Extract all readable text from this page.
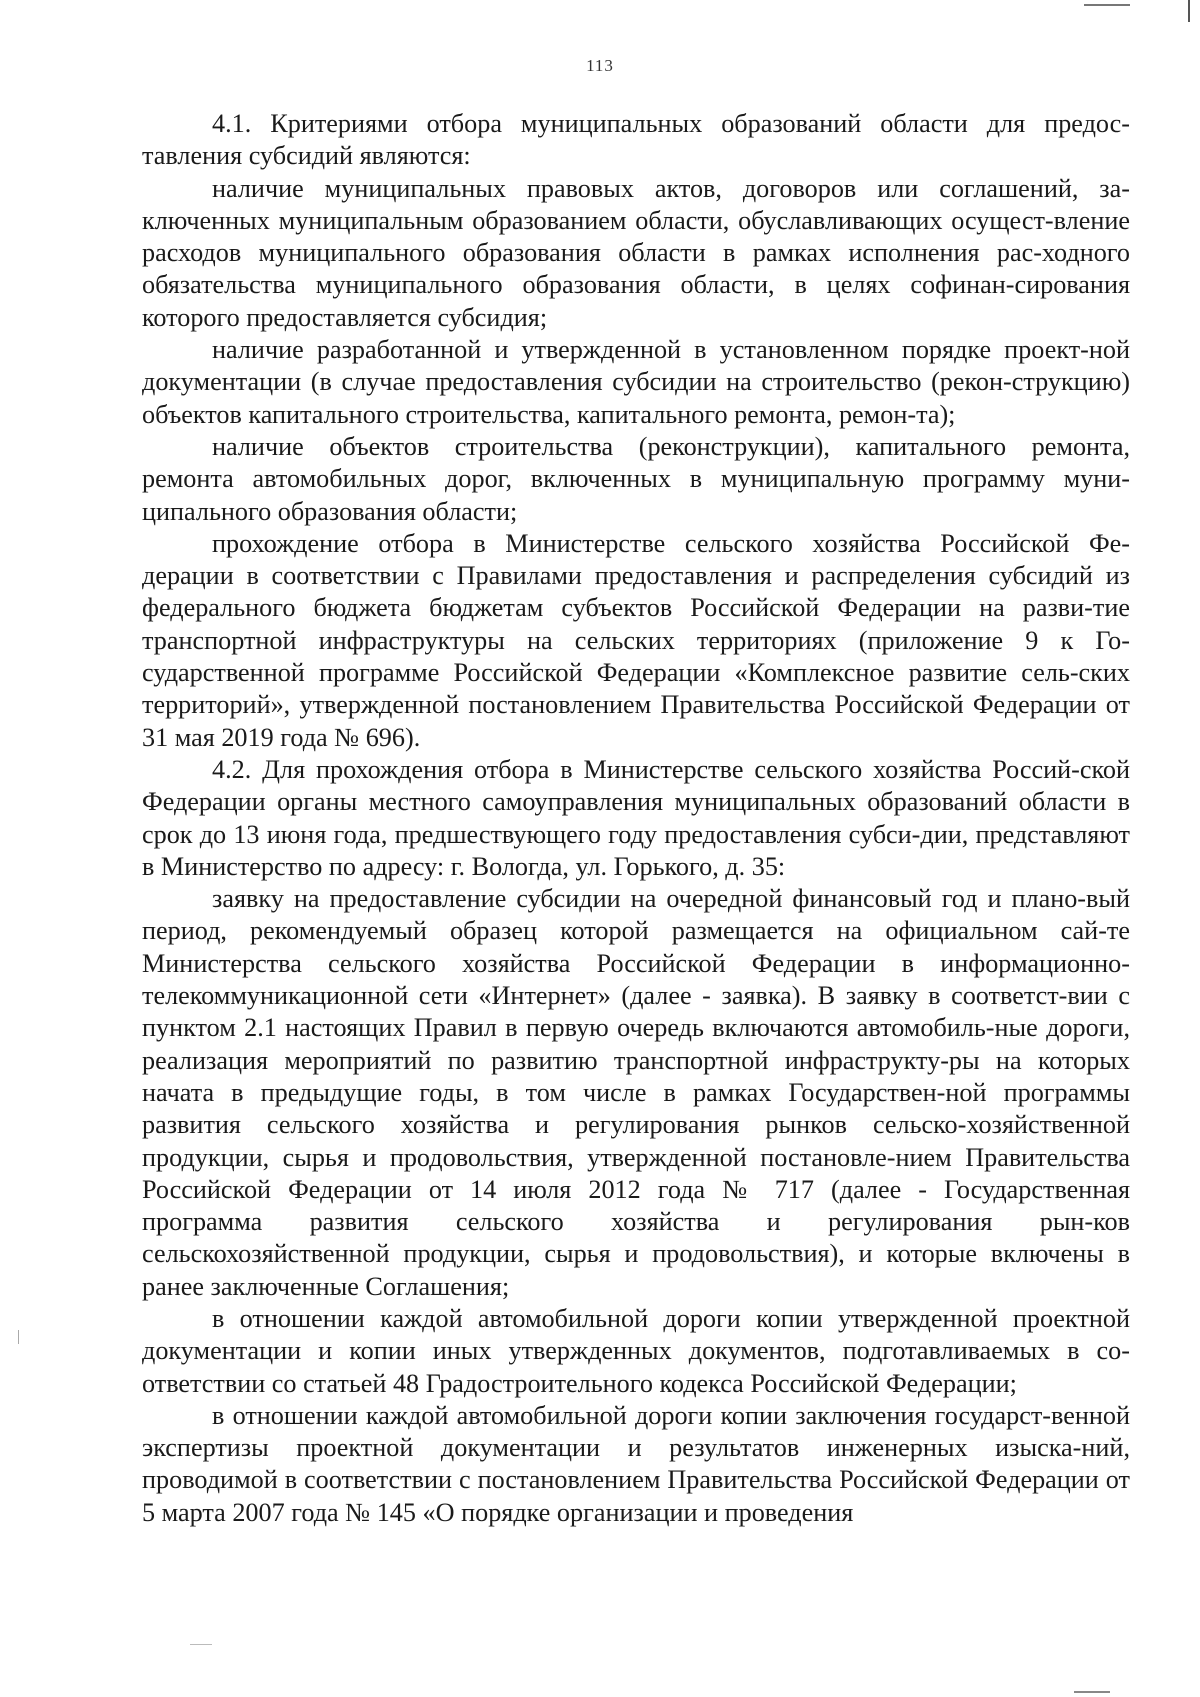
113

4.1. Критериями отбора муниципальных образований области для предос-тавления субсидий являются:

наличие муниципальных правовых актов, договоров или соглашений, за-ключенных муниципальным образованием области, обуславливающих осущест-вление расходов муниципального образования области в рамках исполнения рас-ходного обязательства муниципального образования области, в целях софинан-сирования которого предоставляется субсидия;

наличие разработанной и утвержденной в установленном порядке проект-ной документации (в случае предоставления субсидии на строительство (рекон-струкцию) объектов капитального строительства, капитального ремонта, ремон-та);

наличие объектов строительства (реконструкции), капитального ремонта, ремонта автомобильных дорог, включенных в муниципальную программу муни-ципального образования области;

прохождение отбора в Министерстве сельского хозяйства Российской Фе-дерации в соответствии с Правилами предоставления и распределения субсидий из федерального бюджета бюджетам субъектов Российской Федерации на разви-тие транспортной инфраструктуры на сельских территориях (приложение 9 к Го-сударственной программе Российской Федерации «Комплексное развитие сель-ских территорий», утвержденной постановлением Правительства Российской Федерации от 31 мая 2019 года № 696).

4.2. Для прохождения отбора в Министерстве сельского хозяйства Россий-ской Федерации органы местного самоуправления муниципальных образований области в срок до 13 июня года, предшествующего году предоставления субси-дии, представляют в Министерство по адресу: г. Вологда, ул. Горького, д. 35:

заявку на предоставление субсидии на очередной финансовый год и плано-вый период, рекомендуемый образец которой размещается на официальном сай-те Министерства сельского хозяйства Российской Федерации в информационно-телекоммуникационной сети «Интернет» (далее - заявка). В заявку в соответст-вии с пунктом 2.1 настоящих Правил в первую очередь включаются автомобиль-ные дороги, реализация мероприятий по развитию транспортной инфраструкту-ры на которых начата в предыдущие годы, в том числе в рамках Государствен-ной программы развития сельского хозяйства и регулирования рынков сельско-хозяйственной продукции, сырья и продовольствия, утвержденной постановле-нием Правительства Российской Федерации от 14 июля 2012 года № 717 (далее - Государственная программа развития сельского хозяйства и регулирования рын-ков сельскохозяйственной продукции, сырья и продовольствия), и которые включены в ранее заключенные Соглашения;

в отношении каждой автомобильной дороги копии утвержденной проектной документации и копии иных утвержденных документов, подготавливаемых в со-ответствии со статьей 48 Градостроительного кодекса Российской Федерации;

в отношении каждой автомобильной дороги копии заключения государст-венной экспертизы проектной документации и результатов инженерных изыска-ний, проводимой в соответствии с постановлением Правительства Российской Федерации от 5 марта 2007 года № 145 «О порядке организации и проведения
